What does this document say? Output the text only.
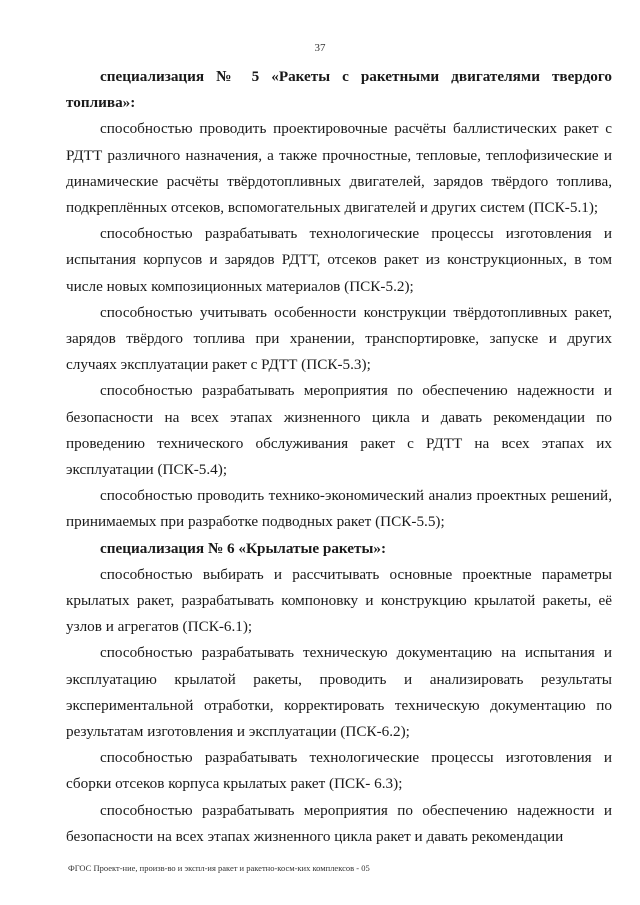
37

специализация № 5 «Ракеты с ракетными двигателями твердого топлива»:

способностью проводить проектировочные расчёты баллистических ракет с РДТТ различного назначения, а также прочностные, тепловые, теплофизические и динамические расчёты твёрдотопливных двигателей, зарядов твёрдого топлива, подкреплённых отсеков, вспомогательных двигателей и других систем (ПСК-5.1);

способностью разрабатывать технологические процессы изготовления и испытания корпусов и зарядов РДТТ, отсеков ракет из конструкционных, в том числе новых композиционных материалов (ПСК-5.2);

способностью учитывать особенности конструкции твёрдотопливных ракет, зарядов твёрдого топлива при хранении, транспортировке, запуске и других случаях эксплуатации ракет с РДТТ (ПСК-5.3);

способностью разрабатывать мероприятия по обеспечению надежности и безопасности на всех этапах жизненного цикла и давать рекомендации по проведению технического обслуживания ракет с РДТТ на всех этапах их эксплуатации (ПСК-5.4);

способностью проводить технико-экономический анализ проектных решений, принимаемых при разработке подводных ракет (ПСК-5.5);

специализация № 6 «Крылатые ракеты»:

способностью выбирать и рассчитывать основные проектные параметры крылатых ракет, разрабатывать компоновку и конструкцию крылатой ракеты, её узлов и агрегатов (ПСК-6.1);

способностью разрабатывать техническую документацию на испытания и эксплуатацию крылатой ракеты, проводить и анализировать результаты экспериментальной отработки, корректировать техническую документацию по результатам изготовления и эксплуатации (ПСК-6.2);

способностью разрабатывать технологические процессы изготовления и сборки отсеков корпуса крылатых ракет (ПСК- 6.3);

способностью разрабатывать мероприятия по обеспечению надежности и безопасности на всех этапах жизненного цикла ракет и давать рекомендации

ФГОС Проект-ние, произв-во и экспл-ия ракет и ракетно-косм-ких комплексов - 05
